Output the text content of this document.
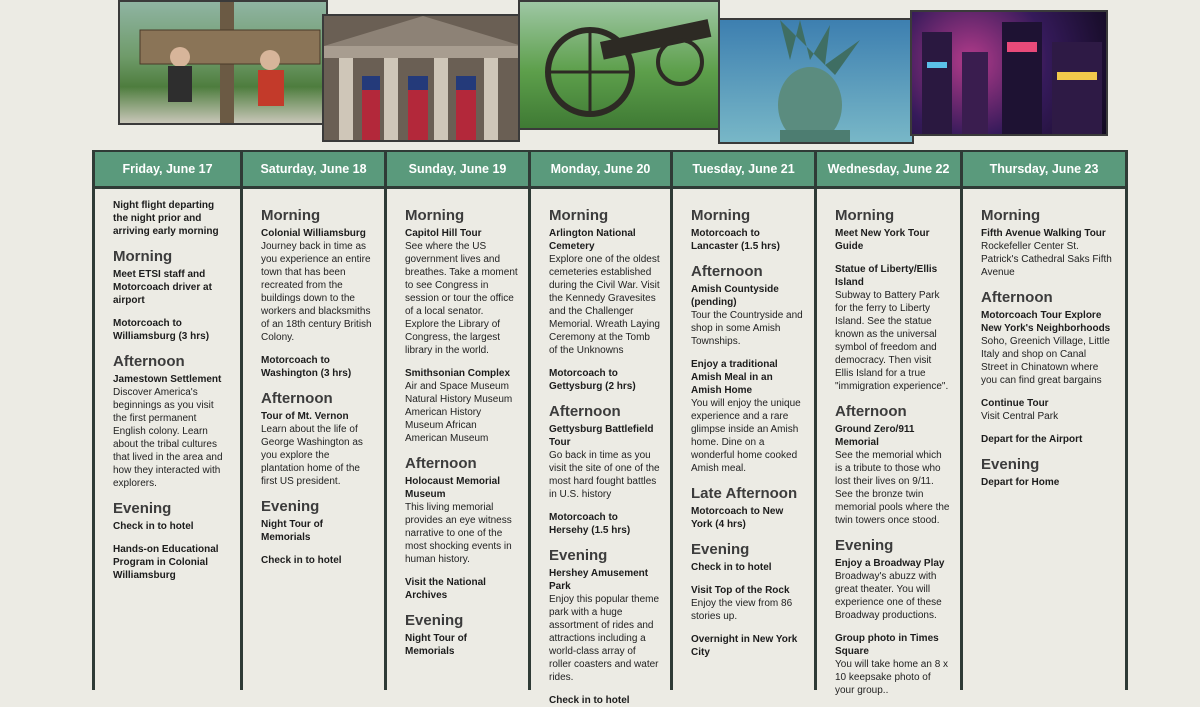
Friday, June 17
Night flight departing the night prior and arriving early morning
Morning
Meet ETSI staff and Motorcoach driver at airport
Motorcoach to Williamsburg (3 hrs)
Afternoon
Jamestown Settlement
Discover America's beginnings as you visit the first permanent English colony. Learn about the tribal cultures that lived in the area and how they interacted with explorers.
Evening
Check in to hotel
Hands-on Educational Program in Colonial Williamsburg
Saturday, June 18
Morning
Colonial Williamsburg
Journey back in time as you experience an entire town that has been recreated from the buildings down to the workers and blacksmiths of an 18th century British Colony.
Motorcoach to Washington (3 hrs)
Afternoon
Tour of Mt. Vernon
Learn about the life of George Washington as you explore the plantation home of the first US president.
Evening
Night Tour of Memorials
Check in to hotel
Sunday, June 19
Morning
Capitol Hill Tour
See where the US government lives and breathes. Take a moment to see Congress in session or tour the office of a local senator. Explore the Library of Congress, the largest library in the world.
Smithsonian Complex
Air and Space Museum Natural History Museum American History Museum African American Museum
Afternoon
Holocaust Memorial Museum
This living memorial provides an eye witness narrative to one of the most shocking events in human history.
Visit the National Archives
Evening
Night Tour of Memorials
Monday, June 20
Morning
Arlington National Cemetery
Explore one of the oldest cemeteries established during the Civil War. Visit the Kennedy Gravesites and the Challenger Memorial. Wreath Laying Ceremony at the Tomb of the Unknowns
Motorcoach to Gettysburg (2 hrs)
Afternoon
Gettysburg Battlefield Tour
Go back in time as you visit the site of one of the most hard fought battles in U.S. history
Motorcoach to Hersehy (1.5 hrs)
Evening
Hershey Amusement Park
Enjoy this popular theme park with a huge assortment of rides and attractions including a world-class array of roller coasters and water rides.
Check in to hotel
Tuesday, June 21
Morning
Motorcoach to Lancaster (1.5 hrs)
Afternoon
Amish Countyside (pending)
Tour the Countryside and shop in some Amish Townships.
Enjoy a traditional Amish Meal in an Amish Home
You will enjoy the unique experience and a rare glimpse inside an Amish home. Dine on a wonderful home cooked Amish meal.
Late Afternoon
Motorcoach to New York (4 hrs)
Evening
Check in to hotel
Visit Top of the Rock
Enjoy the view from 86 stories up.
Overnight in New York City
Wednesday, June 22
Morning
Meet New York Tour Guide
Statue of Liberty/Ellis Island
Subway to Battery Park for the ferry to Liberty Island. See the statue known as the universal symbol of freedom and democracy. Then visit Ellis Island for a true "immigration experience".
Afternoon
Ground Zero/911 Memorial
See the memorial which is a tribute to those who lost their lives on 9/11. See the bronze twin memorial pools where the twin towers once stood.
Evening
Enjoy a Broadway Play
Broadway's abuzz with great theater. You will experience one of these Broadway productions.
Group photo in Times Square
You will take home an 8 x 10 keepsake photo of your group..
Thursday, June 23
Morning
Fifth Avenue Walking Tour
Rockefeller Center St. Patrick's Cathedral Saks Fifth Avenue
Afternoon
Motorcoach Tour Explore New York's Neighborhoods
Soho, Greenich Village, Little Italy and shop on Canal Street in Chinatown where you can find great bargains
Continue Tour
Visit Central Park
Depart for the Airport
Evening
Depart for Home
